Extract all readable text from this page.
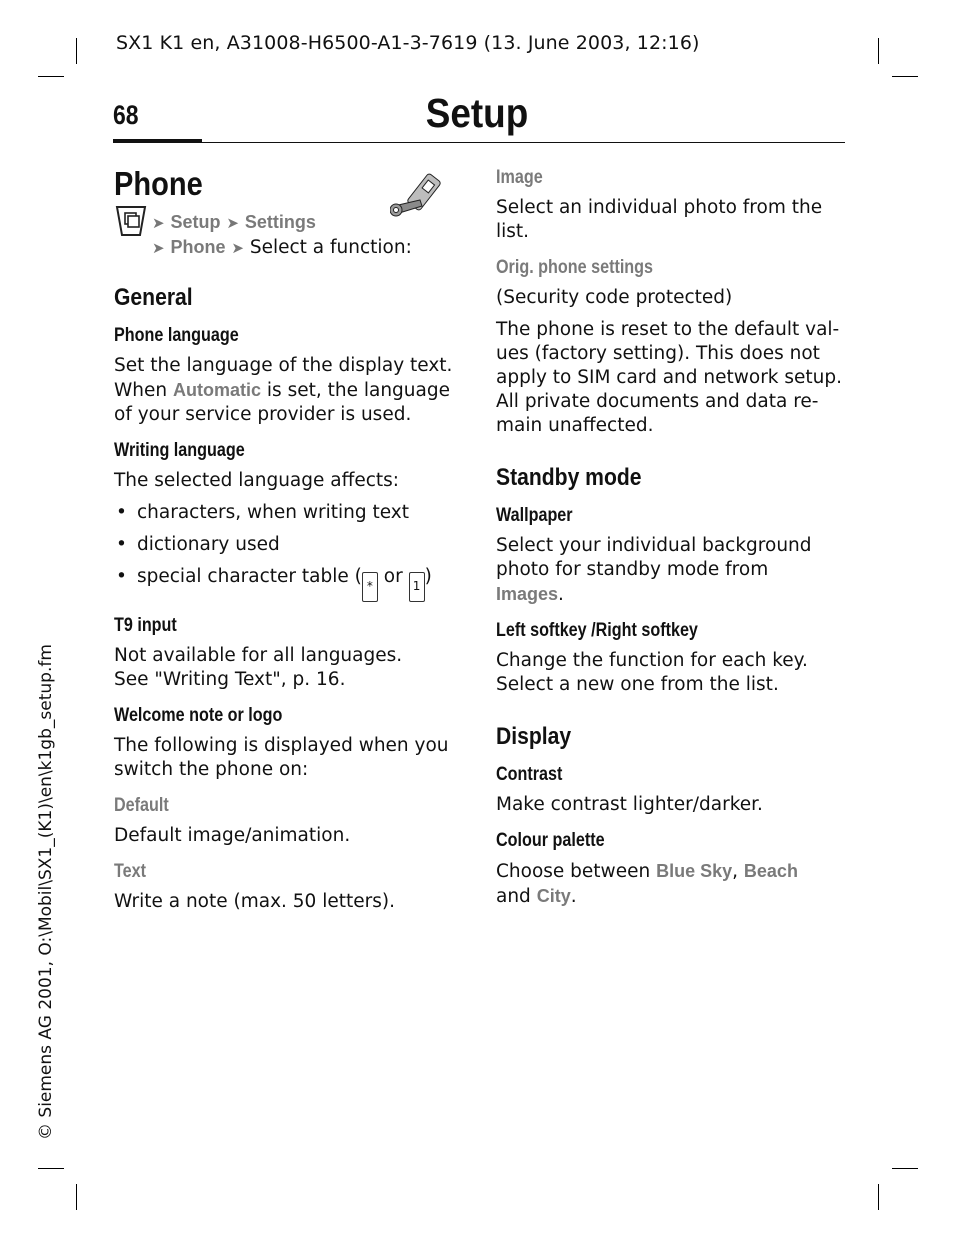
SX1 K1 en, A31008-H6500-A1-3-7619 (13. June 2003, 12:16)
68	Setup
© Siemens AG 2001, O:\Mobil\SX1_(K1)\en\k1gb_setup.fm
Phone
➤ Setup ➤ Settings
➤ Phone ➤ Select a function:
General
Phone language

Set the language of the display text.
When Automatic is set, the language
of your service provider is used.

Writing language

The selected language affects:

• characters, when writing text
• dictionary used
• special character table ( * or 1 )
T9 input

Not available for all languages.
See "Writing Text", p. 16.

Welcome note or logo

The following is displayed when you
switch the phone on:

Default

Default image/animation.

Text

Write a note (max. 50 letters).

Image

Select an individual photo from the
list.

Orig. phone settings

(Security code protected)

The phone is reset to the default val-
ues (factory setting). This does not
apply to SIM card and network setup.
All private documents and data re-
main unaffected.

Standby mode
Wallpaper

Select your individual background
photo for standby mode from
Images.

Left softkey /Right softkey

Change the function for each key.
Select a new one from the list.

Display
Contrast

Make contrast lighter/darker.

Colour palette

Choose between Blue Sky, Beach
and City.
